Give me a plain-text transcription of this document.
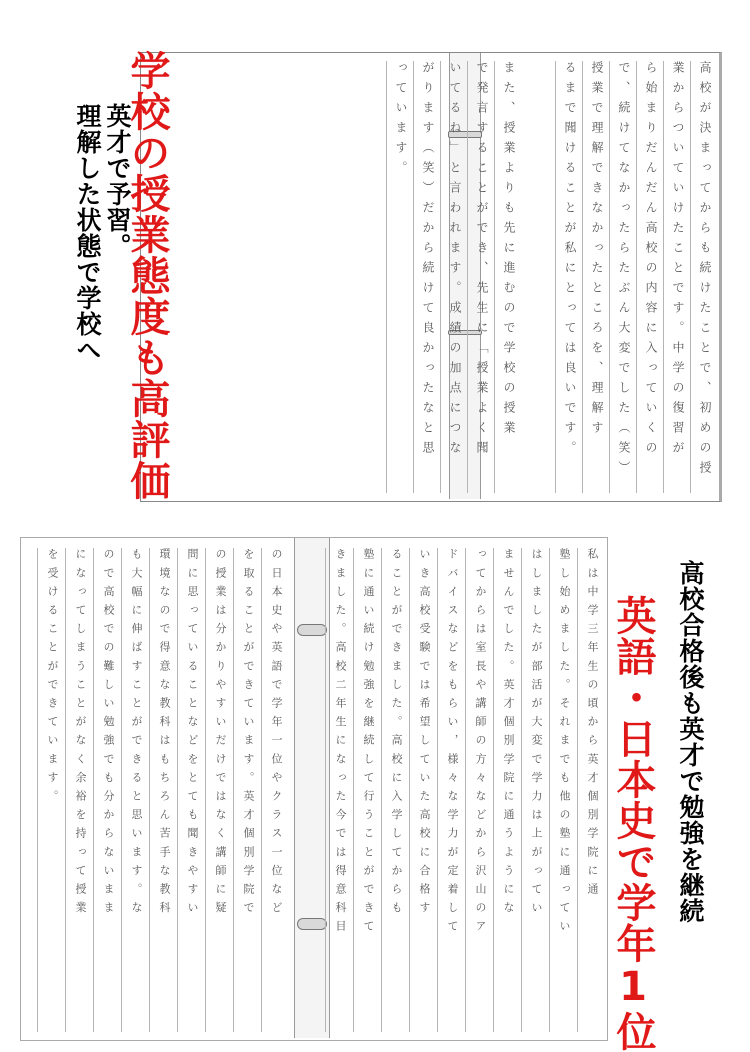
高校が決まってからも続けたことで、初めの授
業からついていけたことです。中学の復習が
ら始まりだんだん高校の内容に入っていくの
で、続けてなかったらたぶん大変でした（笑）
授業で理解できなかったところを、理解す
るまで聞けることが私にとっては良いです。
また、授業よりも先に進むので学校の授業
で発言することができ、先生に「授業よく聞
いてるね」と言われます。成績の加点につな
がります（笑）だから続けて良かったなと思
っています。
私は中学三年生の頃から英才個別学院に通
塾し始めました。それまでも他の塾に通ってい
はしましたが部活が大変で学力は上がってい
ませんでした。英才個別学院に通うようにな
ってからは室長や講師の方々などから沢山のア
ドバイスなどをもらい，様々な学力が定着して
いき高校受験では希望していた高校に合格す
ることができました。高校に入学してからも
塾に通い続け勉強を継続して行うことができて
きました。高校二年生になった今では得意科目
の日本史や英語で学年一位やクラス一位など
を取ることができています。英才個別学院で
の授業は分かりやすいだけではなく講師に疑
問に思っていることなどをとても聞きやすい
環境なので得意な教科はもちろん苦手な教科
も大幅に伸ばすことができると思います。な
ので高校での難しい勉強でも分からないまま
になってしまうことがなく余裕を持って授業
を受けることができています。
学校の授業態度も高評価
英才で予習。
理解した状態で学校へ
英語・日本史で学年1位 高校合格後も英才で勉強を継続
